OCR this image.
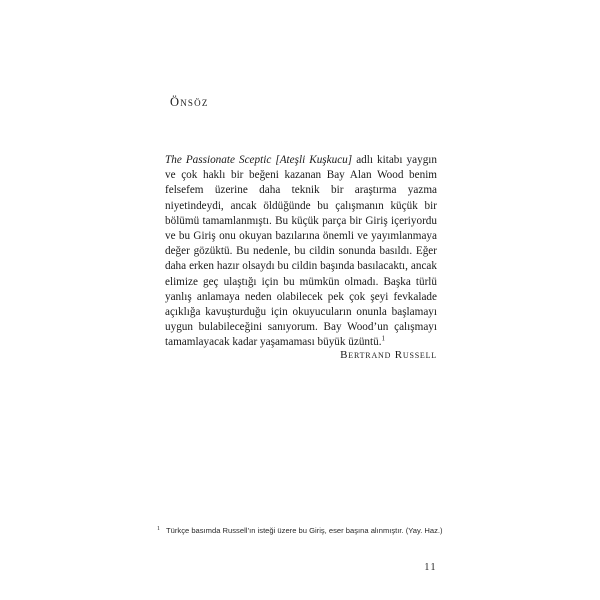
Önsöz

The Passionate Sceptic [Ateşli Kuşkucu] adlı kitabı yaygın ve çok haklı bir beğeni kazanan Bay Alan Wood benim felsefem üzerine daha teknik bir araştırma yazma niyetindeydi, ancak öldüğünde bu çalışmanın küçük bir bölümü tamamlanmıştı. Bu küçük parça bir Giriş içeriyordu ve bu Giriş onu okuyan bazılarına önemli ve yayımlanmaya değer gözüktü. Bu nedenle, bu cildin sonunda basıldı. Eğer daha erken hazır olsaydı bu cildin başında basılacaktı, ancak elimize geç ulaştığı için bu mümkün olmadı. Başka türlü yanlış anlamaya neden olabilecek pek çok şeyi fevkalade açıklığa kavuşturduğu için okuyucuların onunla başlamayı uygun bulabileceğini sanıyorum. Bay Wood’un çalışmayı tamamlayacak kadar yaşamaması büyük üzüntü.$^1$

Bertrand Russell
1 Türkçe basımda Russell’ın isteği üzere bu Giriş, eser başına alınmıştır. (Yay. Haz.)
11
